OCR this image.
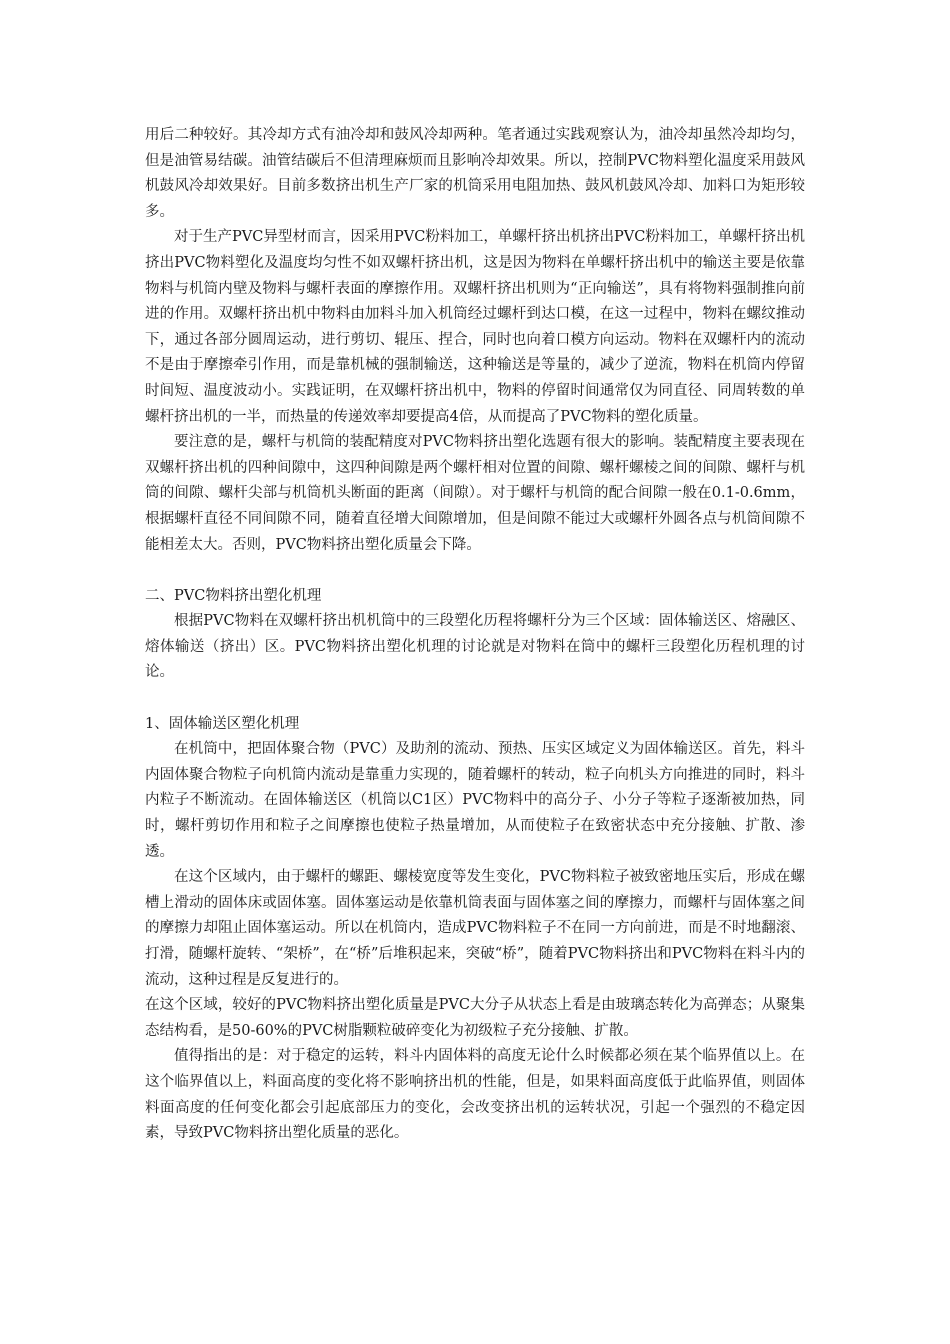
用后二种较好。其冷却方式有油冷却和鼓风冷却两种。笔者通过实践观察认为，油冷却虽然冷却均匀，但是油管易结碳。油管结碳后不但清理麻烦而且影响冷却效果。所以，控制PVC物料塑化温度采用鼓风机鼓风冷却效果好。目前多数挤出机生产厂家的机筒采用电阻加热、鼓风机鼓风冷却、加料口为矩形较多。

对于生产PVC异型材而言，因采用PVC粉料加工，单螺杆挤出机挤出PVC粉料加工，单螺杆挤出机挤出PVC物料塑化及温度均匀性不如双螺杆挤出机，这是因为物料在单螺杆挤出机中的输送主要是依靠物料与机筒内壁及物料与螺杆表面的摩擦作用。双螺杆挤出机则为“正向输送”，具有将物料强制推向前进的作用。双螺杆挤出机中物料由加料斗加入机筒经过螺杆到达口模，在这一过程中，物料在螺纹推动下，通过各部分圆周运动，进行剪切、辊压、捏合，同时也向着口模方向运动。物料在双螺杆内的流动不是由于摩擦牵引作用，而是靠机械的强制输送，这种输送是等量的，减少了逆流，物料在机筒内停留时间短、温度波动小。实践证明，在双螺杆挤出机中，物料的停留时间通常仅为同直径、同周转数的单螺杆挤出机的一半，而热量的传递效率却要提高4倍，从而提高了PVC物料的塑化质量。

要注意的是，螺杆与机筒的装配精度对PVC物料挤出塑化选题有很大的影响。装配精度主要表现在双螺杆挤出机的四种间隙中，这四种间隙是两个螺杆相对位置的间隙、螺杆螺棱之间的间隙、螺杆与机筒的间隙、螺杆尖部与机筒机头断面的距离（间隙）。对于螺杆与机筒的配合间隙一般在0.1-0.6mm，根据螺杆直径不同间隙不同，随着直径增大间隙增加，但是间隙不能过大或螺杆外圆各点与机筒间隙不能相差太大。否则，PVC物料挤出塑化质量会下降。

二、PVC物料挤出塑化机理

根据PVC物料在双螺杆挤出机机筒中的三段塑化历程将螺杆分为三个区域：固体输送区、熔融区、熔体输送（挤出）区。PVC物料挤出塑化机理的讨论就是对物料在筒中的螺杆三段塑化历程机理的讨论。

1、固体输送区塑化机理

在机筒中，把固体聚合物（PVC）及助剂的流动、预热、压实区域定义为固体输送区。首先，料斗内固体聚合物粒子向机筒内流动是靠重力实现的，随着螺杆的转动，粒子向机头方向推进的同时，料斗内粒子不断流动。在固体输送区（机筒以C1区）PVC物料中的高分子、小分子等粒子逐渐被加热，同时，螺杆剪切作用和粒子之间摩擦也使粒子热量增加，从而使粒子在致密状态中充分接触、扩散、渗透。

在这个区域内，由于螺杆的螺距、螺棱宽度等发生变化，PVC物料粒子被致密地压实后，形成在螺槽上滑动的固体床或固体塞。固体塞运动是依靠机筒表面与固体塞之间的摩擦力，而螺杆与固体塞之间的摩擦力却阻止固体塞运动。所以在机筒内，造成PVC物料粒子不在同一方向前进，而是不时地翻滚、打滑，随螺杆旋转、“架桥”，在“桥”后堆积起来，突破“桥”，随着PVC物料挤出和PVC物料在料斗内的流动，这种过程是反复进行的。

在这个区域，较好的PVC物料挤出塑化质量是PVC大分子从状态上看是由玻璃态转化为高弹态；从聚集态结构看，是50-60%的PVC树脂颗粒破碎变化为初级粒子充分接触、扩散。

值得指出的是：对于稳定的运转，料斗内固体料的高度无论什么时候都必须在某个临界值以上。在这个临界值以上，料面高度的变化将不影响挤出机的性能，但是，如果料面高度低于此临界值，则固体料面高度的任何变化都会引起底部压力的变化，会改变挤出机的运转状况，引起一个强烈的不稳定因素，导致PVC物料挤出塑化质量的恶化。
